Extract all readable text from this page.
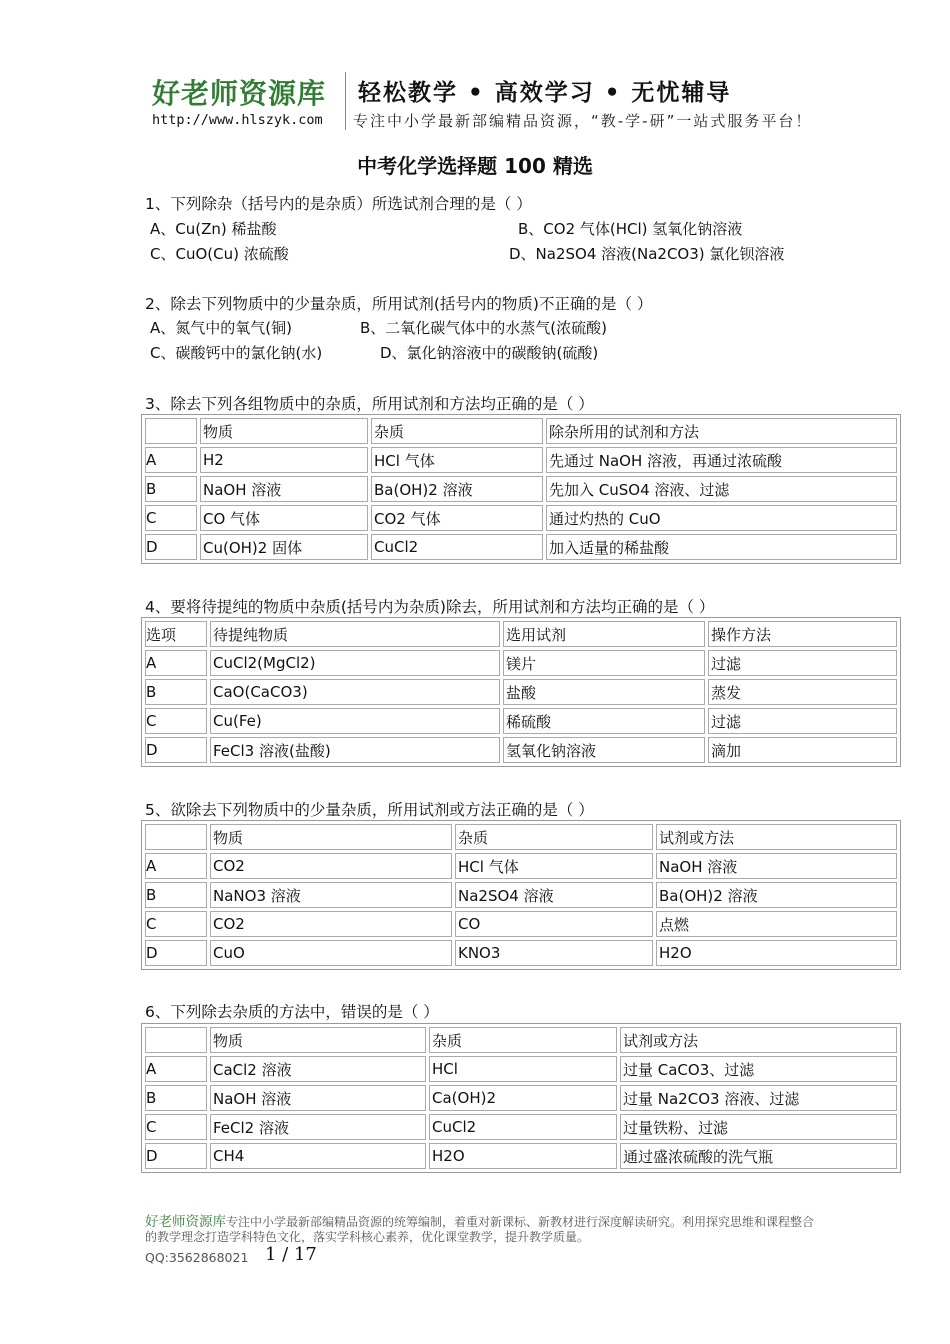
好老师资源库 轻松教学 • 高效学习 • 无忧辅导
http://www.hlszyk.com 专注中小学最新部编精品资源，“教-学-研”一站式服务平台！
中考化学选择题 100 精选
1、下列除杂（括号内的是杂质）所选试剂合理的是（ ）
A、Cu(Zn) 稀盐酸	B、CO2 气体(HCl) 氢氧化钠溶液
C、CuO(Cu) 浓硫酸	D、Na2SO4 溶液(Na2CO3) 氯化钡溶液
2、除去下列物质中的少量杂质，所用试剂(括号内的物质)不正确的是（ ）
A、氮气中的氧气(铜)	B、二氧化碳气体中的水蒸气(浓硫酸)
C、碳酸钙中的氯化钠(水)	D、氯化钠溶液中的碳酸钠(硫酸)
3、除去下列各组物质中的杂质，所用试剂和方法均正确的是（ ）
	物质	杂质	除杂所用的试剂和方法
A	H2	HCl 气体	先通过 NaOH 溶液，再通过浓硫酸
B	NaOH 溶液	Ba(OH)2 溶液	先加入 CuSO4 溶液、过滤
C	CO 气体	CO2 气体	通过灼热的 CuO
D	Cu(OH)2 固体	CuCl2	加入适量的稀盐酸
4、要将待提纯的物质中杂质(括号内为杂质)除去，所用试剂和方法均正确的是（ ）
选项	待提纯物质	选用试剂	操作方法
A	CuCl2(MgCl2)	镁片	过滤
B	CaO(CaCO3)	盐酸	蒸发
C	Cu(Fe)	稀硫酸	过滤
D	FeCl3 溶液(盐酸)	氢氧化钠溶液	滴加
5、欲除去下列物质中的少量杂质，所用试剂或方法正确的是（ ）
	物质	杂质	试剂或方法
A	CO2	HCl 气体	NaOH 溶液
B	NaNO3 溶液	Na2SO4 溶液	Ba(OH)2 溶液
C	CO2	CO	点燃
D	CuO	KNO3	H2O
6、下列除去杂质的方法中，错误的是（ ）
	物质	杂质	试剂或方法
A	CaCl2 溶液	HCl	过量 CaCO3、过滤
B	NaOH 溶液	Ca(OH)2	过量 Na2CO3 溶液、过滤
C	FeCl2 溶液	CuCl2	过量铁粉、过滤
D	CH4	H2O	通过盛浓硫酸的洗气瓶
好老师资源库专注中小学最新部编精品资源的统筹编制，着重对新课标、新教材进行深度解读研究。利用探究思维和课程整合的教学理念打造学科特色文化，落实学科核心素养，优化课堂教学，提升教学质量。
QQ:3562868021 1 / 17
